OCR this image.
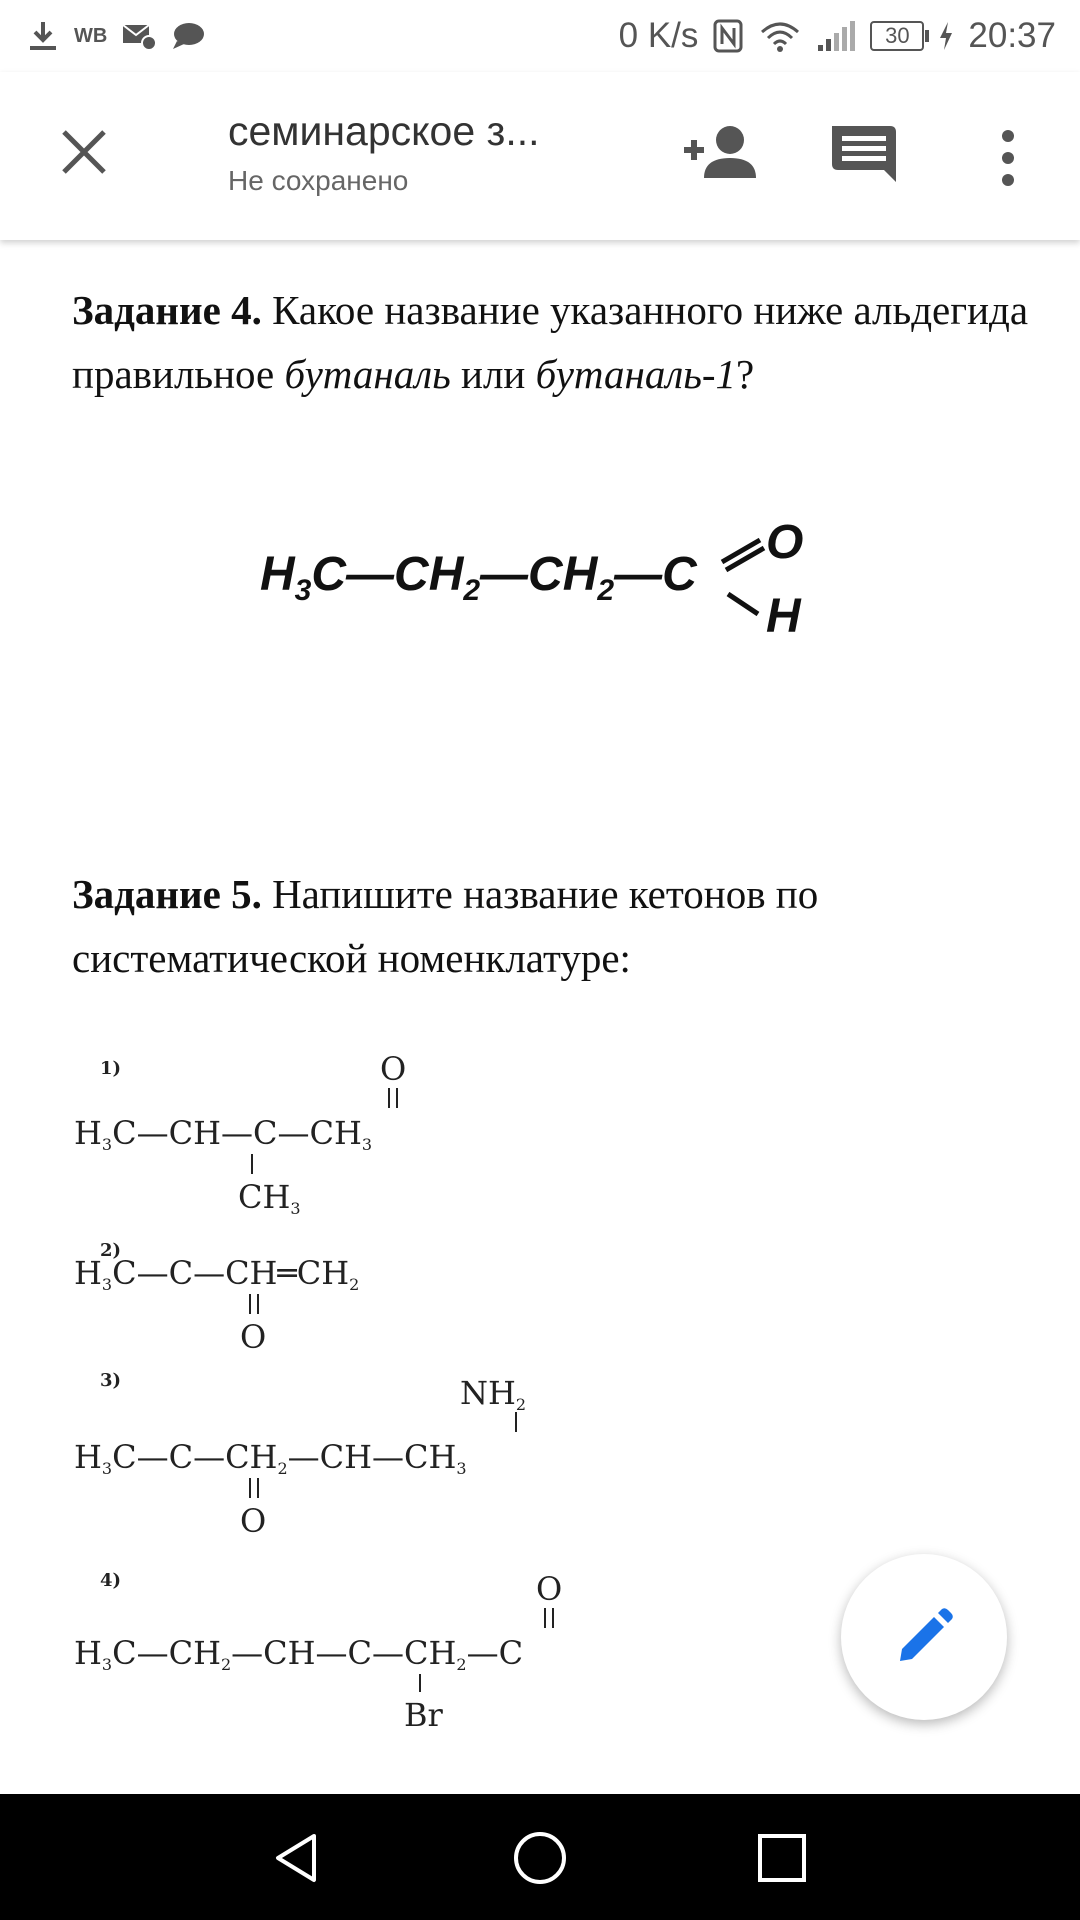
WB	0 K/s	30	20:37
семинарское з...
Не сохранено
Задание 4. Какое название указанного ниже альдегида правильное бутаналь или бутаналь-1?
$H_3C—CH_2—CH_2—C$
O
H
Задание 5. Напишите название кетонов по систематической номенклатуре:
1)	O
H3C—CH—C—CH3
CH3
2)
H3C—C—CH═CH2
O
3)	NH2
H3C—C—CH2—CH—CH3
O
4)	O
H3C—CH2—CH—C—CH2—C
Br
